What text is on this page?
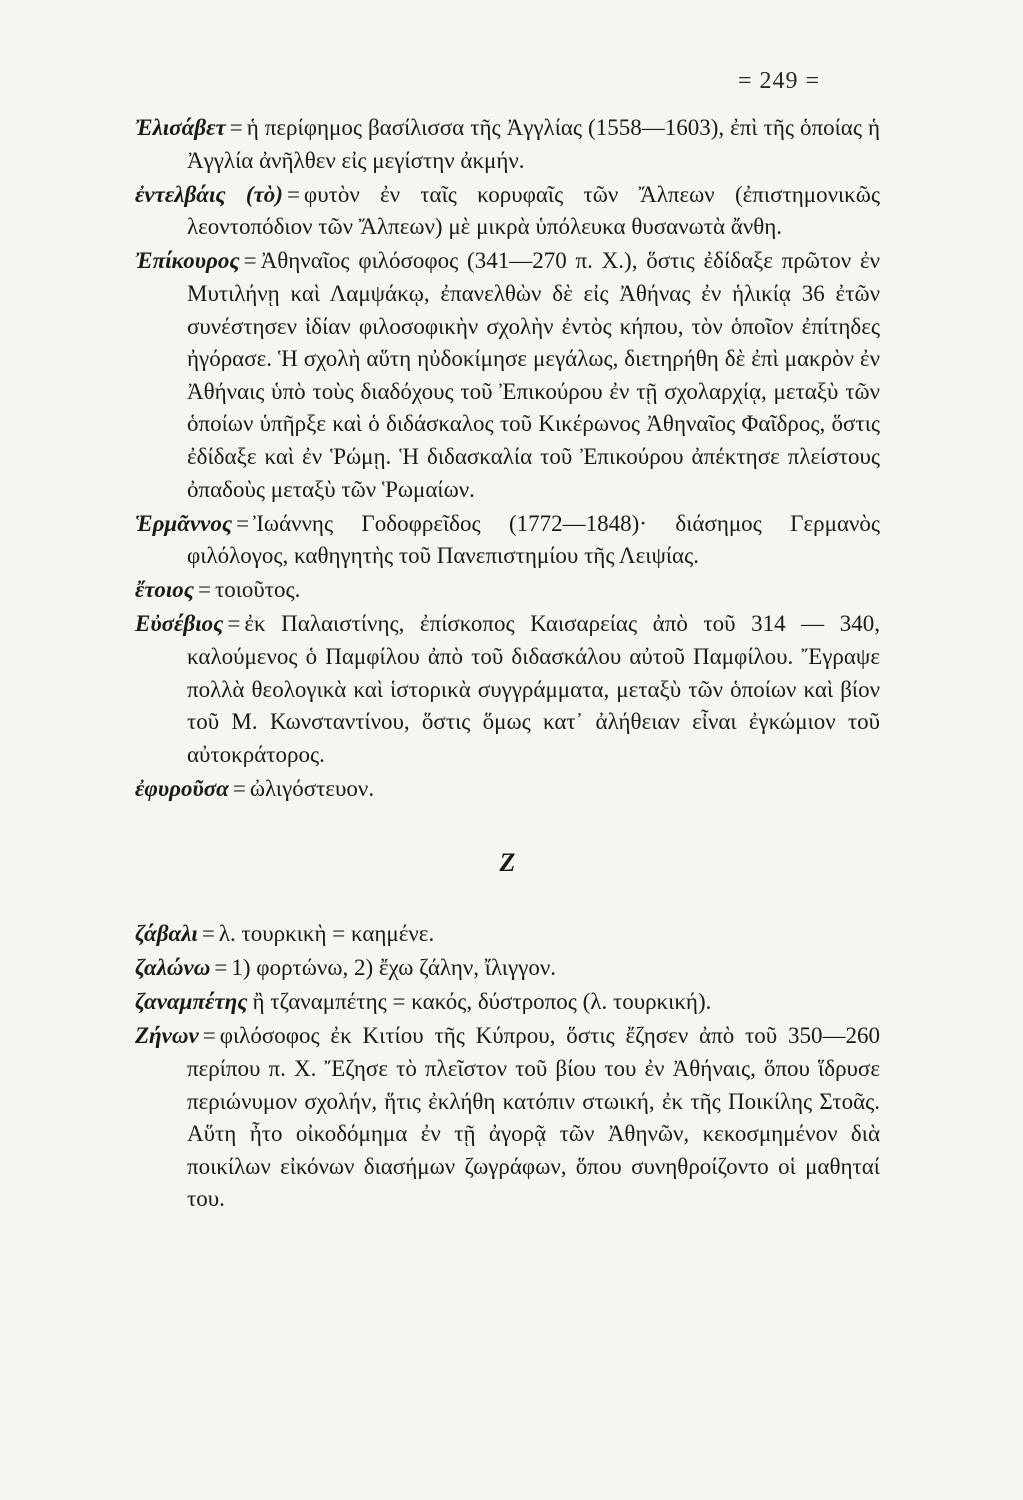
= 249 =

Ἐλισάβετ = ἡ περίφημος βασίλισσα τῆς Ἀγγλίας (1558—1603), ἐπὶ τῆς ὁποίας ἡ Ἀγγλία ἀνῆλθεν εἰς μεγίστην ἀκμήν.

ἐντελβάις (τὸ) = φυτὸν ἐν ταῖς κορυφαῖς τῶν Ἄλπεων (ἐπιστημονικῶς λεοντοπόδιον τῶν Ἄλπεων) μὲ μικρὰ ὑπόλευκα θυσανωτὰ ἄνθη.

Ἐπίκουρος = Ἀθηναῖος φιλόσοφος (341—270 π. Χ.), ὅστις ἐδίδαξε πρῶτον ἐν Μυτιλήνῃ καὶ Λαμψάκῳ, ἐπανελθὼν δὲ εἰς Ἀθήνας ἐν ἡλικίᾳ 36 ἐτῶν συνέστησεν ἰδίαν φιλοσοφικὴν σχολὴν ἐντὸς κήπου, τὸν ὁποῖον ἐπίτηδες ἠγόρασε. Ἡ σχολὴ αὕτη ηὐδοκίμησε μεγάλως, διετηρήθη δὲ ἐπὶ μακρὸν ἐν Ἀθήναις ὑπὸ τοὺς διαδόχους τοῦ Ἐπικούρου ἐν τῇ σχολαρχίᾳ, μεταξὺ τῶν ὁποίων ὑπῆρξε καὶ ὁ διδάσκαλος τοῦ Κικέρωνος Ἀθηναῖος Φαῖδρος, ὅστις ἐδίδαξε καὶ ἐν Ῥώμῃ. Ἡ διδασκαλία τοῦ Ἐπικούρου ἀπέκτησε πλείστους ὀπαδοὺς μεταξὺ τῶν Ῥωμαίων.

Ἑρμᾶννος = Ἰωάννης Γοδοφρεῖδος (1772—1848)· διάσημος Γερμανὸς φιλόλογος, καθηγητὴς τοῦ Πανεπιστημίου τῆς Λειψίας.

ἔτοιος = τοιοῦτος.

Εὐσέβιος = ἐκ Παλαιστίνης, ἐπίσκοπος Καισαρείας ἀπὸ τοῦ 314 — 340, καλούμενος ὁ Παμφίλου ἀπὸ τοῦ διδασκάλου αὐτοῦ Παμφίλου. Ἔγραψε πολλὰ θεολογικὰ καὶ ἱστορικὰ συγγράμματα, μεταξὺ τῶν ὁποίων καὶ βίον τοῦ Μ. Κωνσταντίνου, ὅστις ὅμως κατ᾽ ἀλήθειαν εἶναι ἐγκώμιον τοῦ αὐτοκράτορος.

ἐφυροῦσα = ὠλιγόστευον.

Z

ζάβαλι = λ. τουρκικὴ = καημένε.

ζαλώνω = 1) φορτώνω, 2) ἔχω ζάλην, ἴλιγγον.

ζαναμπέτης ἢ τζαναμπέτης = κακός, δύστροπος (λ. τουρκική).

Ζήνων = φιλόσοφος ἐκ Κιτίου τῆς Κύπρου, ὅστις ἔζησεν ἀπὸ τοῦ 350—260 περίπου π. Χ. Ἔζησε τὸ πλεῖστον τοῦ βίου του ἐν Ἀθήναις, ὅπου ἵδρυσε περιώνυμον σχολήν, ἥτις ἐκλήθη κατόπιν στωική, ἐκ τῆς Ποικίλης Στοᾶς. Αὕτη ἦτο οἰκοδόμημα ἐν τῇ ἀγορᾷ τῶν Ἀθηνῶν, κεκοσμημένον διὰ ποικίλων εἰκόνων διασήμων ζωγράφων, ὅπου συνηθροίζοντο οἱ μαθηταί του.
